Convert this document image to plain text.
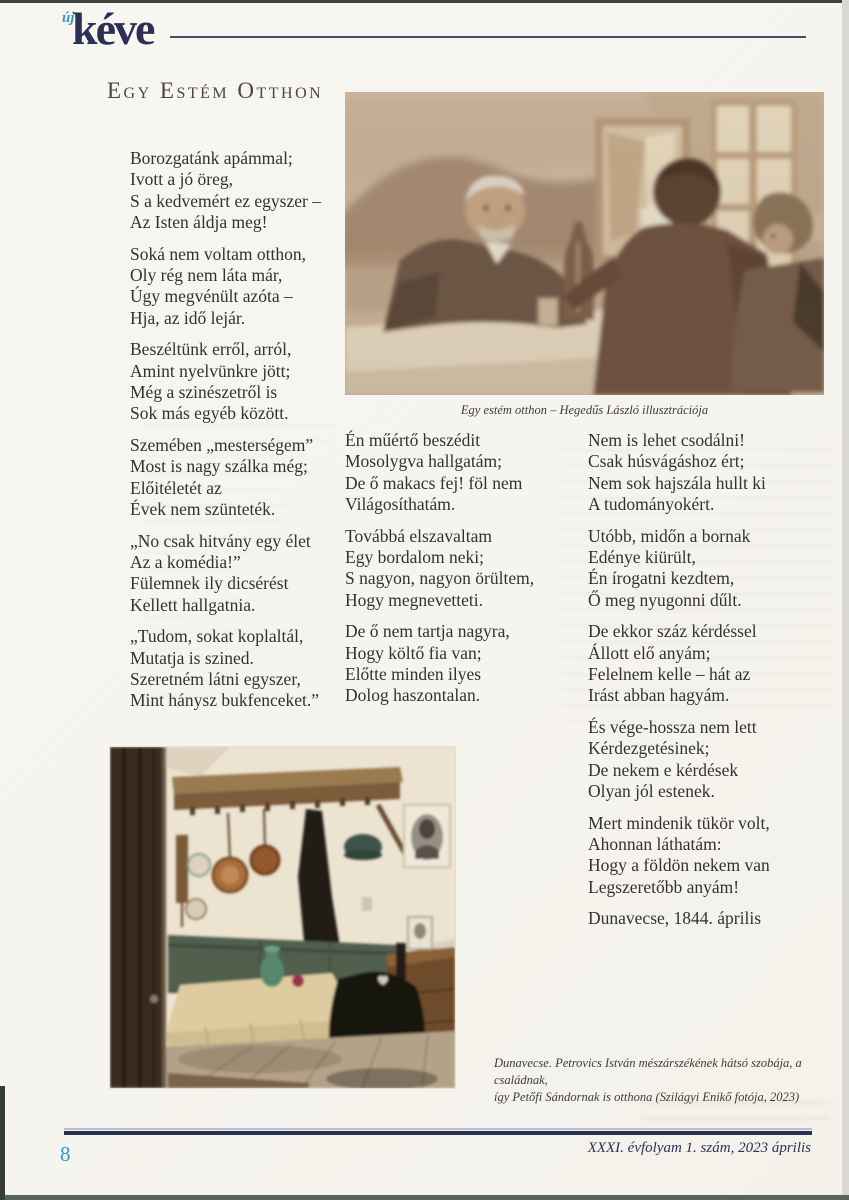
új
kéve
Egy Estém Otthon
Egy estém otthon – Hegedűs László illusztrációja

Borozgatánk apámmal;
Ivott a jó öreg,
S a kedvemért ez egyszer –
Az Isten áldja meg!

Soká nem voltam otthon,
Oly rég nem láta már,
Úgy megvénült azóta –
Hja, az idő lejár.

Beszéltünk erről, arról,
Amint nyelvünkre jött;
Még a szinészetről is
Sok más egyéb között.

Szemében „mesterségem”
Most is nagy szálka még;
Előitéletét az
Évek nem szünteték.

„No csak hitvány egy élet
Az a komédia!”
Fülemnek ily dicsérést
Kellett hallgatnia.

„Tudom, sokat koplaltál,
Mutatja is szined.
Szeretném látni egyszer,
Mint hánysz bukfenceket.”

Én műértő beszédit
Mosolygva hallgatám;
De ő makacs fej! föl nem
Világosíthatám.

Továbbá elszavaltam
Egy bordalom neki;
S nagyon, nagyon örültem,
Hogy megnevetteti.

De ő nem tartja nagyra,
Hogy költő fia van;
Előtte minden ilyes
Dolog haszontalan.

Nem is lehet csodálni!
Csak húsvágáshoz ért;
Nem sok hajszála hullt ki
A tudományokért.

Utóbb, midőn a bornak
Edénye kiürült,
Én írogatni kezdtem,
Ő meg nyugonni dűlt.

De ekkor száz kérdéssel
Állott elő anyám;
Felelnem kelle – hát az
Irást abban hagyám.

És vége-hossza nem lett
Kérdezgetésinek;
De nekem e kérdések
Olyan jól estenek.

Mert mindenik tükör volt,
Ahonnan láthatám:
Hogy a földön nekem van
Legszeretőbb anyám!

Dunavecse, 1844. április

Dunavecse. Petrovics István mészárszékének hátsó szobája, a családnak,
így Petőfi Sándornak is otthona (Szilágyi Enikő fotója, 2023)
8	XXXI. évfolyam 1. szám, 2023 április
